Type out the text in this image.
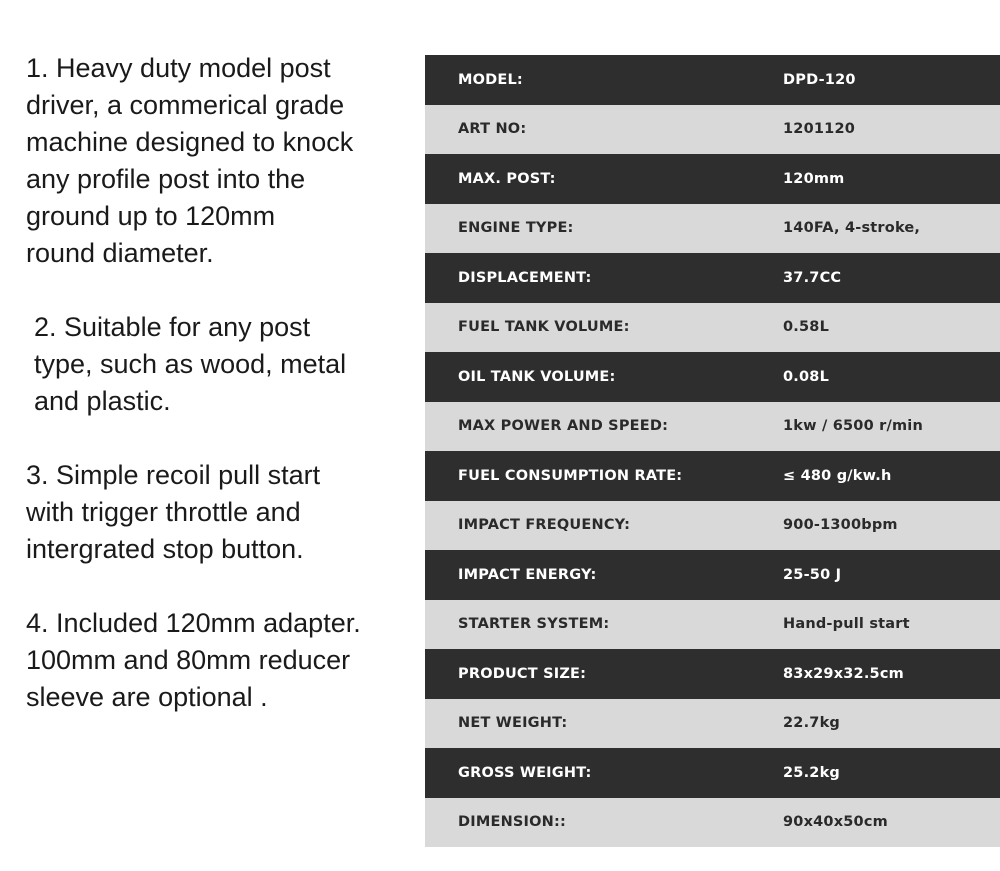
1. Heavy duty model post
driver, a commerical grade
machine designed to knock
any profile post into the
ground up to 120mm
round diameter.

2. Suitable for any post
type, such as wood, metal
and plastic.

3. Simple recoil pull start
with trigger throttle and
intergrated stop button.

4. Included 120mm adapter.
100mm and 80mm reducer
sleeve are optional .

MODEL:	DPD-120
ART NO:	1201120
MAX. POST:	120mm
ENGINE TYPE:	140FA, 4-stroke,
DISPLACEMENT:	37.7CC
FUEL TANK VOLUME:	0.58L
OIL TANK VOLUME:	0.08L
MAX POWER AND SPEED:	1kw / 6500 r/min
FUEL CONSUMPTION RATE:	≤ 480 g/kw.h
IMPACT FREQUENCY:	900-1300bpm
IMPACT ENERGY:	25-50 J
STARTER SYSTEM:	Hand-pull start
PRODUCT SIZE:	83x29x32.5cm
NET WEIGHT:	22.7kg
GROSS WEIGHT:	25.2kg
DIMENSION::	90x40x50cm
